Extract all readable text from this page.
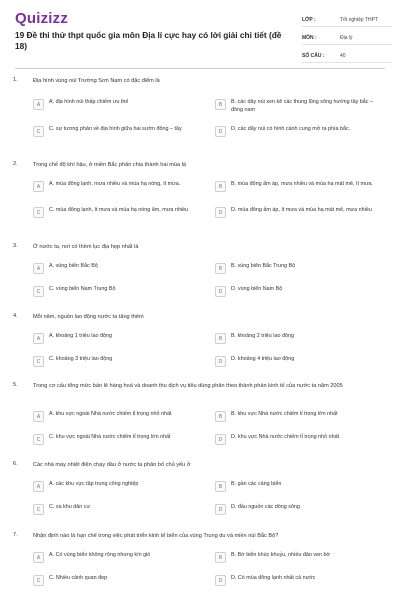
Quizizz
19 Đề thi thử thpt quốc gia môn Địa lí cực hay có lời giải chi tiết (đề 18)
LỚP :	Tốt nghiệp THPT
MÔN :	Địa lý
SỐ CÂU :	40
1.	Địa hình vùng núi Trường Sơn Nam có đặc điểm là
A	A. địa hình núi thấp chiếm ưu thế	B	B. các dãy núi xen kẽ các thung lũng sông hướng tây bắc – đông nam
C	C. sự tương phản về địa hình giữa hai sườn đông – tây	D	D. các dãy núi có hình cánh cung mở ra phía bắc.
2.	Trong chế độ khí hậu, ở miền Bắc phân chia thành hai mùa là
A	A. mùa đông lạnh, mưa nhiều và mùa hạ nóng, ít mưa.	B	B. mùa đông ấm áp, mưa nhiều và mùa hạ mát mẻ, ít mưa.
C	C. mùa đông lạnh, ít mưa và mùa hạ nóng ẩm, mưa nhiều	D	D. mùa đông ấm áp, ít mưa và mùa hạ mát mẻ, mưa nhiều
3.	Ở nước ta, nơi có thềm lục địa hẹp nhất là
A	A. vùng biển Bắc Bộ	B	B. vùng biển Bắc Trung Bộ
C	C. vùng biển Nam Trung Bộ	D	D. vùng biển Nam Bộ
4.	Mỗi năm, nguồn lao động nước ta tăng thêm
A	A. khoảng 1 triệu lao động	B	B. khoảng 2 triệu lao động
C	C. khoảng 3 triệu lao động	D	D. khoảng 4 triệu lao động
5.	Trong cơ cấu tổng mức bán lẻ hàng hoá và doanh thu dịch vụ tiêu dùng phân theo thành phần kinh tế của nước ta năm 2005
A	A. khu vực ngoài Nhà nước chiếm tỉ trọng nhỏ nhất	B	B. khu vực Nhà nước chiếm tỉ trọng lớn nhất
C	C. khu vực ngoài Nhà nước chiếm tỉ trọng lớn nhất	D	D. khu vực Nhà nước chiếm tỉ trọng nhỏ nhất
6.	Các nhà máy nhiệt điện chạy dầu ở nước ta phân bố chủ yếu ở
A	A. các khu vực tập trung công nghiệp	B	B. gần các cảng biển
C	C. xa khu dân cư	D	D. đầu nguồn các dòng sông
7.	Nhận định nào là hạn chế trong việc phát triển kinh tế biển của vùng Trung du và miền núi Bắc Bộ?
A	A. Có vùng biển không rộng nhưng kín gió	B	B. Bờ biển khúc khuỷu, nhiều đảo ven bờ
C	C. Nhiều cảnh quan đẹp	D	D. Có mùa đông lạnh nhất cả nước
